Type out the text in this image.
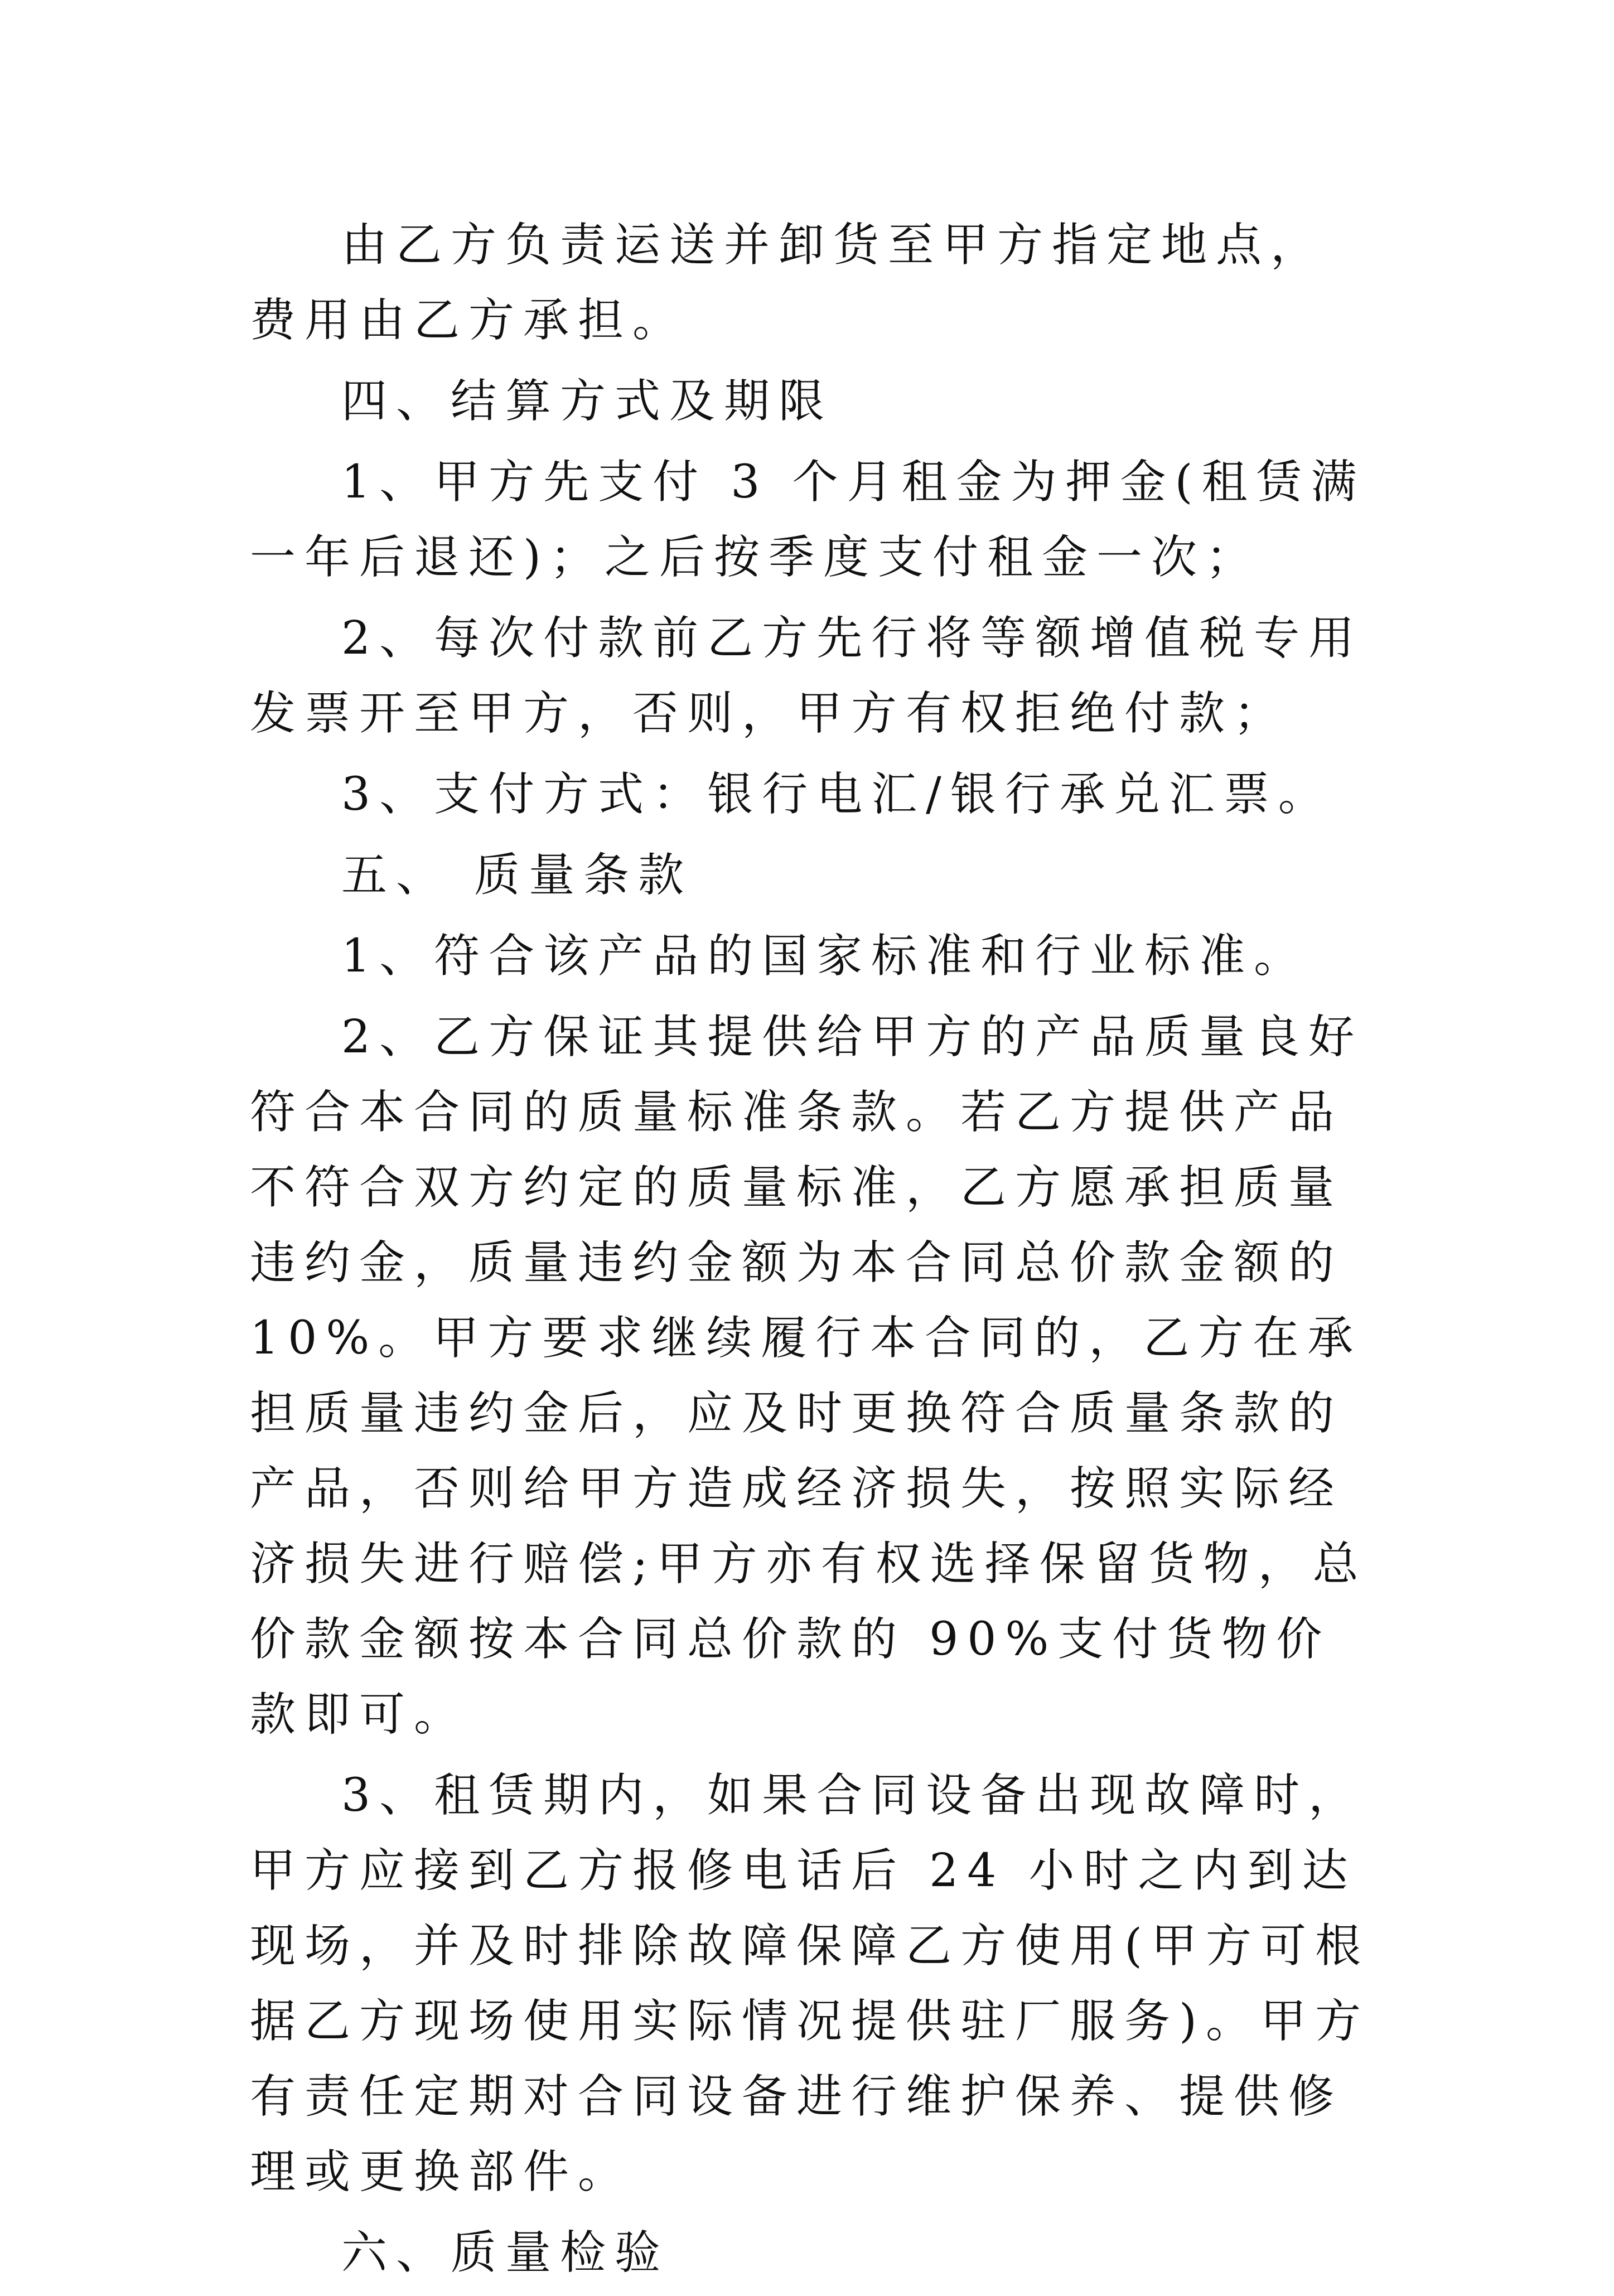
由乙方负责运送并卸货至甲方指定地点，费用由乙方承担。

四、结算方式及期限

1、甲方先支付 3 个月租金为押金(租赁满一年后退还)；之后按季度支付租金一次；

2、每次付款前乙方先行将等额增值税专用发票开至甲方，否则，甲方有权拒绝付款；

3、支付方式：银行电汇/银行承兑汇票。

五、 质量条款

1、符合该产品的国家标准和行业标准。

2、乙方保证其提供给甲方的产品质量良好符合本合同的质量标准条款。若乙方提供产品不符合双方约定的质量标准，乙方愿承担质量违约金，质量违约金额为本合同总价款金额的 10%。甲方要求继续履行本合同的，乙方在承担质量违约金后，应及时更换符合质量条款的产品，否则给甲方造成经济损失，按照实际经济损失进行赔偿;甲方亦有权选择保留货物，总价款金额按本合同总价款的 90%支付货物价款即可。

3、租赁期内，如果合同设备出现故障时，甲方应接到乙方报修电话后 24 小时之内到达现场，并及时排除故障保障乙方使用(甲方可根据乙方现场使用实际情况提供驻厂服务)。甲方有责任定期对合同设备进行维护保养、提供修理或更换部件。

六、质量检验
